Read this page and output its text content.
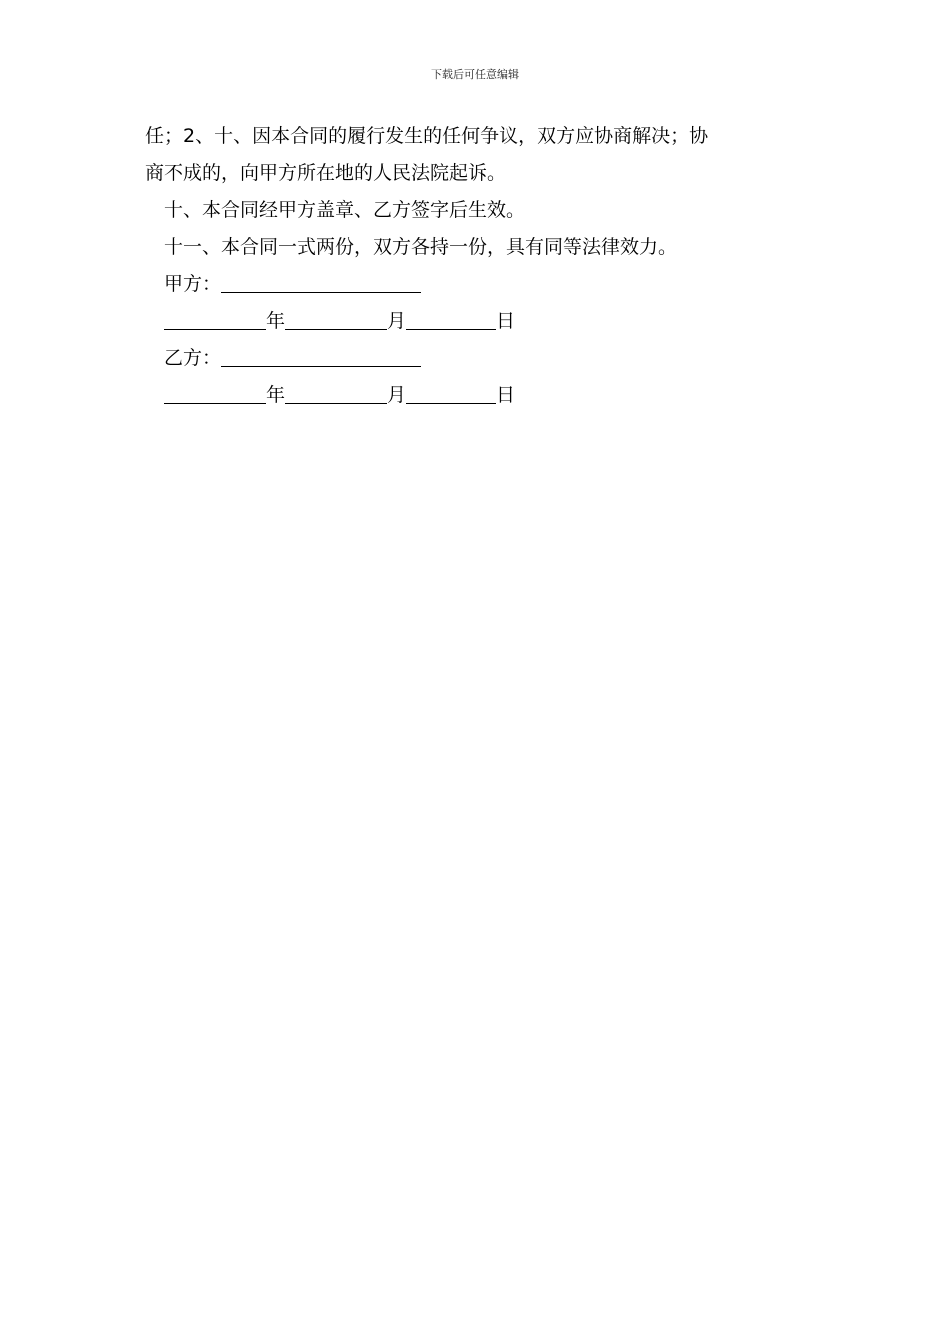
下载后可任意编辑

任；2、十、因本合同的履行发生的任何争议，双方应协商解决；协

商不成的，向甲方所在地的人民法院起诉。

十、本合同经甲方盖章、乙方签字后生效。

十一、本合同一式两份，双方各持一份，具有同等法律效力。

甲方：

年	月	日

乙方：

年	月	日
